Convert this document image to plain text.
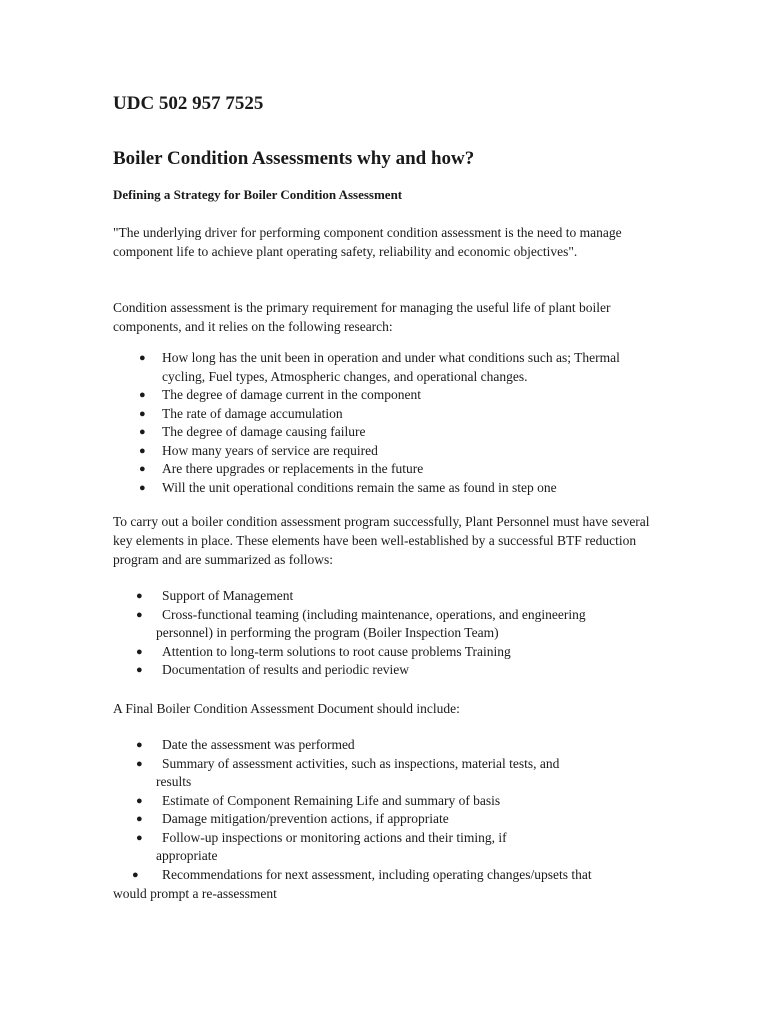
UDC 502 957 7525
Boiler Condition Assessments why and how?
Defining a Strategy for Boiler Condition Assessment

"The underlying driver for performing component condition assessment is the need to manage component life to achieve plant operating safety, reliability and economic objectives".

Condition assessment is the primary requirement for managing the useful life of plant boiler components, and it relies on the following research:

● How long has the unit been in operation and under what conditions such as; Thermal cycling, Fuel types, Atmospheric changes, and operational changes.
● The degree of damage current in the component
● The rate of damage accumulation
● The degree of damage causing failure
● How many years of service are required
● Are there upgrades or replacements in the future
● Will the unit operational conditions remain the same as found in step one

To carry out a boiler condition assessment program successfully, Plant Personnel must have several key elements in place. These elements have been well-established by a successful BTF reduction program and are summarized as follows:

● Support of Management
● Cross-functional teaming (including maintenance, operations, and engineering
personnel) in performing the program (Boiler Inspection Team)
● Attention to long-term solutions to root cause problems Training
● Documentation of results and periodic review

A Final Boiler Condition Assessment Document should include:

● Date the assessment was performed
● Summary of assessment activities, such as inspections, material tests, and
results
● Estimate of Component Remaining Life and summary of basis
● Damage mitigation/prevention actions, if appropriate
● Follow-up inspections or monitoring actions and their timing, if
appropriate
●	Recommendations for next assessment, including operating changes/upsets that
would prompt a re-assessment
